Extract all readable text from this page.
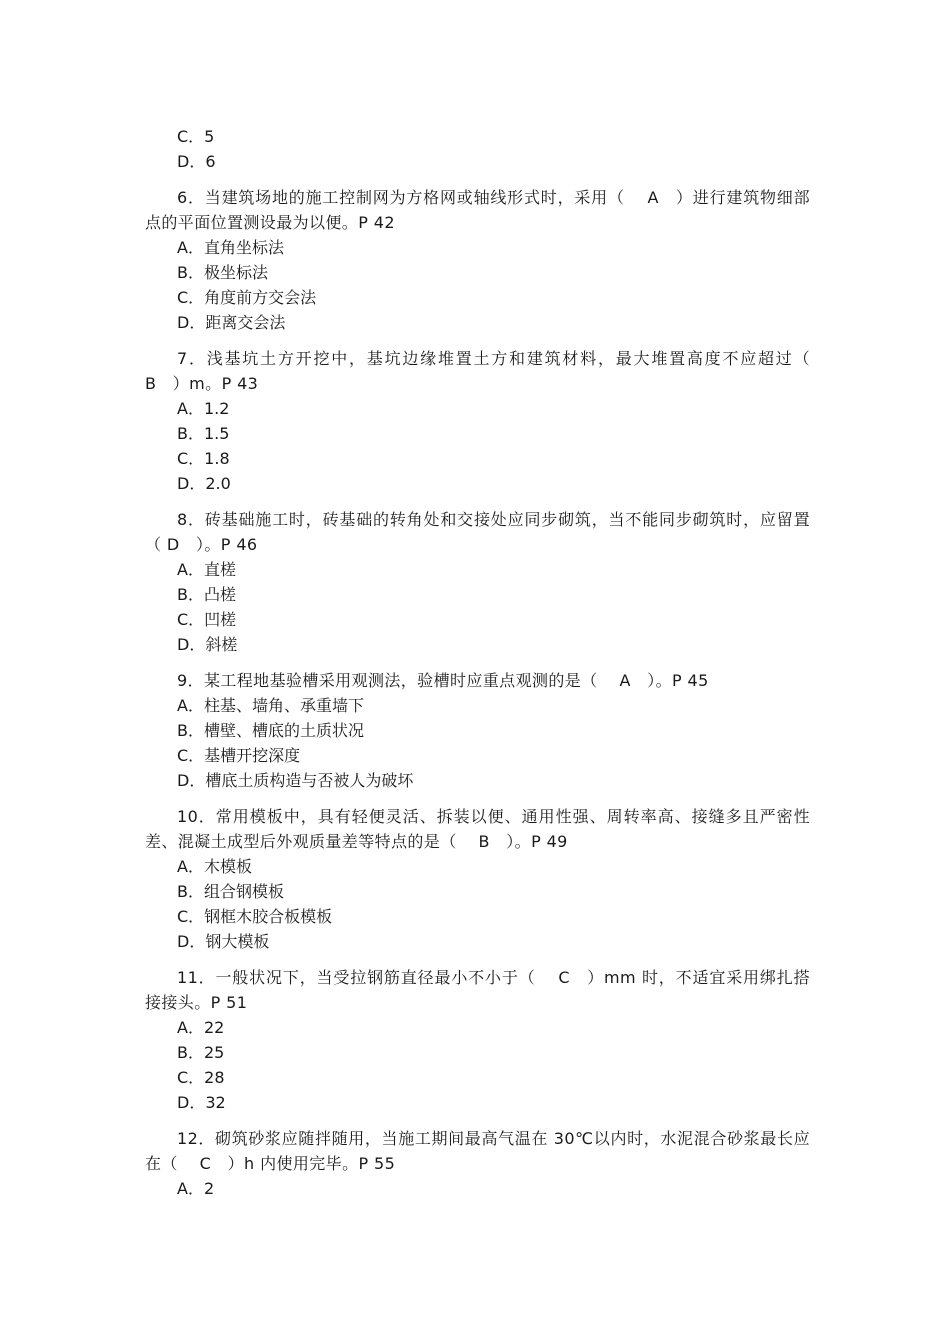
C．5
D．6
6．当建筑场地的施工控制网为方格网或轴线形式时，采用（　 A　）进行建筑物细部点的平面位置测设最为以便。P 42
A．直角坐标法
B．极坐标法
C．角度前方交会法
D．距离交会法
7．浅基坑土方开挖中，基坑边缘堆置土方和建筑材料，最大堆置高度不应超过（　 B　）m。P 43
A．1.2
B．1.5
C．1.8
D．2.0
8．砖基础施工时，砖基础的转角处和交接处应同步砌筑，当不能同步砌筑时，应留置（ D　）。P 46
A．直槎
B．凸槎
C．凹槎
D．斜槎
9．某工程地基验槽采用观测法，验槽时应重点观测的是（　 A　）。P 45
A．柱基、墙角、承重墙下
B．槽壁、槽底的土质状况
C．基槽开挖深度
D．槽底土质构造与否被人为破坏
10．常用模板中，具有轻便灵活、拆装以便、通用性强、周转率高、接缝多且严密性差、混凝土成型后外观质量差等特点的是（　 B　）。P 49
A．木模板
B．组合钢模板
C．钢框木胶合板模板
D．钢大模板
11．一般状况下，当受拉钢筋直径最小不小于（　 C　）mm 时，不适宜采用绑扎搭接接头。P 51
A．22
B．25
C．28
D．32
12．砌筑砂浆应随拌随用，当施工期间最高气温在 30℃以内时，水泥混合砂浆最长应在（　 C　）h 内使用完毕。P 55
A．2
